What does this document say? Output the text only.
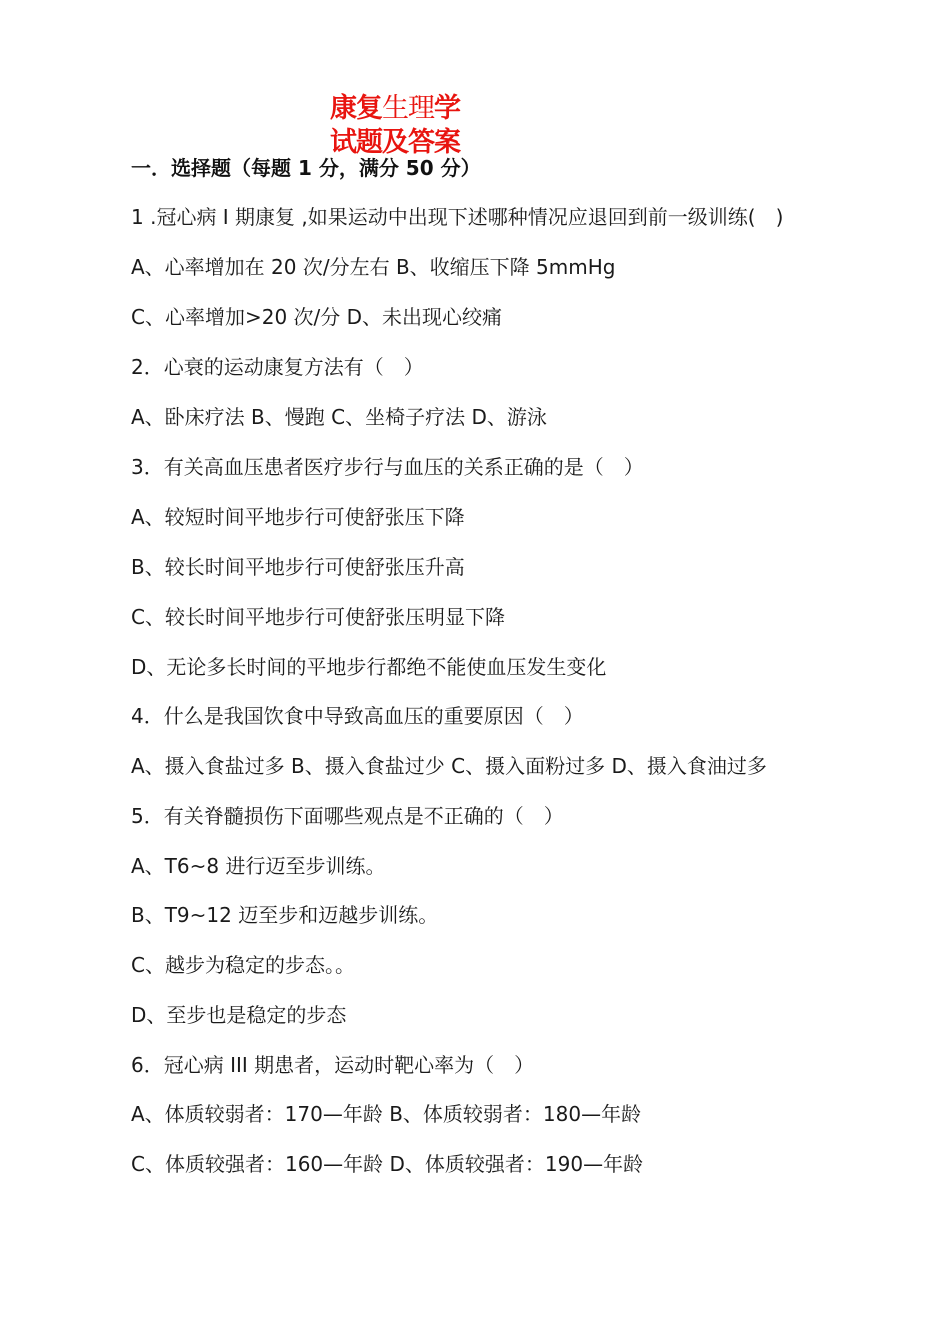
康复生理学
试题及答案
一．选择题（每题 1 分，满分 50 分）
1 .冠心病 I 期康复 ,如果运动中出现下述哪种情况应退回到前一级训练(　)
A、心率增加在 20 次/分左右 B、收缩压下降 5mmHg
C、心率增加>20 次/分 D、未出现心绞痛
2．心衰的运动康复方法有（　）
A、卧床疗法 B、慢跑 C、坐椅子疗法 D、游泳
3．有关高血压患者医疗步行与血压的关系正确的是（　）
A、较短时间平地步行可使舒张压下降
B、较长时间平地步行可使舒张压升高
C、较长时间平地步行可使舒张压明显下降
D、无论多长时间的平地步行都绝不能使血压发生变化
4．什么是我国饮食中导致高血压的重要原因（　）
A、摄入食盐过多 B、摄入食盐过少 C、摄入面粉过多 D、摄入食油过多
5．有关脊髓损伤下面哪些观点是不正确的（　）
A、T6~8 进行迈至步训练。
B、T9~12 迈至步和迈越步训练。
C、越步为稳定的步态。。
D、至步也是稳定的步态
6．冠心病 III 期患者，运动时靶心率为（　）
A、体质较弱者：170—年龄 B、体质较弱者：180—年龄
C、体质较强者：160—年龄 D、体质较强者：190—年龄
